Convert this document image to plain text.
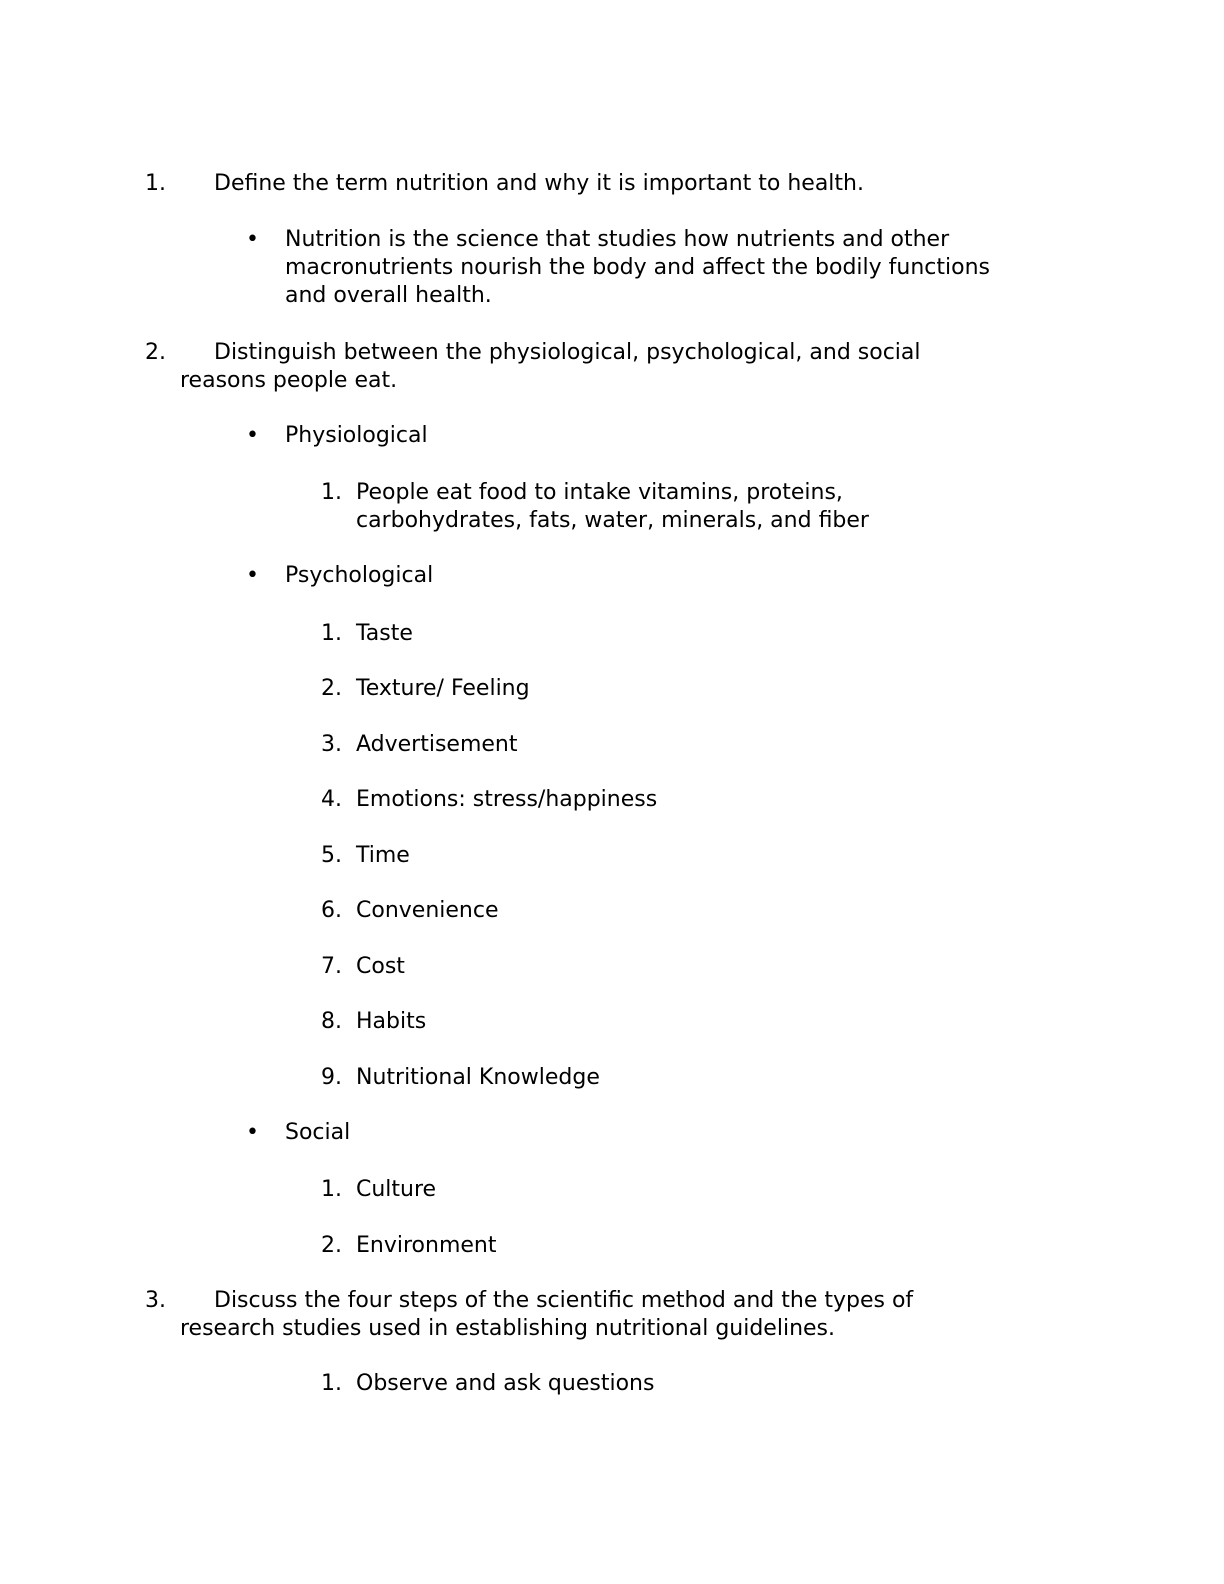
1. Define the term nutrition and why it is important to health.
•	Nutrition is the science that studies how nutrients and other
macronutrients nourish the body and affect the bodily functions
and overall health.
2. Distinguish between the physiological, psychological, and social
reasons people eat.
•	Physiological
1. People eat food to intake vitamins, proteins,
carbohydrates, fats, water, minerals, and fiber
•	Psychological
1. Taste
2. Texture/ Feeling
3. Advertisement
4. Emotions: stress/happiness
5. Time
6. Convenience
7. Cost
8. Habits
9. Nutritional Knowledge
•	Social
1. Culture
2. Environment
3. Discuss the four steps of the scientific method and the types of
research studies used in establishing nutritional guidelines.
1. Observe and ask questions
